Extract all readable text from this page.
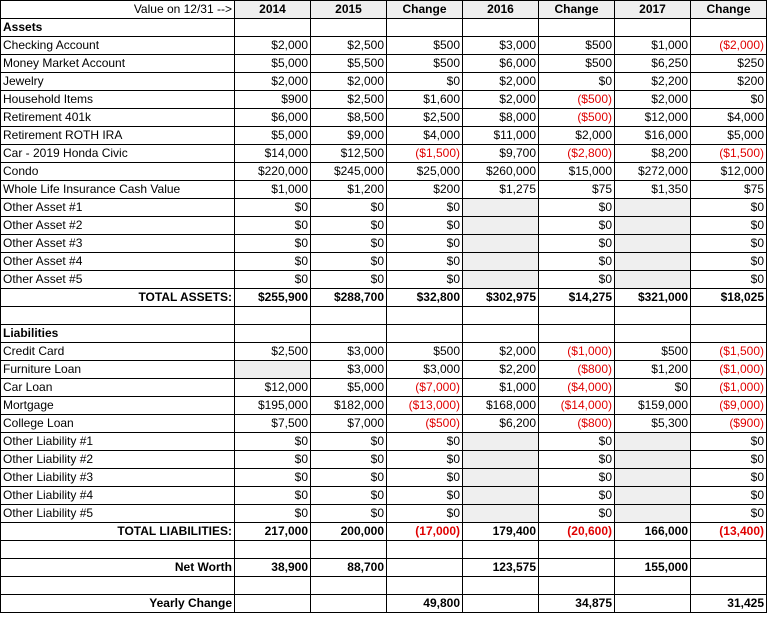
Value on 12/31 -->	2014	2015	Change	2016	Change	2017	Change
Assets							
Checking Account	$2,000	$2,500	$500	$3,000	$500	$1,000	($2,000)
Money Market Account	$5,000	$5,500	$500	$6,000	$500	$6,250	$250
Jewelry	$2,000	$2,000	$0	$2,000	$0	$2,200	$200
Household Items	$900	$2,500	$1,600	$2,000	($500)	$2,000	$0
Retirement 401k	$6,000	$8,500	$2,500	$8,000	($500)	$12,000	$4,000
Retirement ROTH IRA	$5,000	$9,000	$4,000	$11,000	$2,000	$16,000	$5,000
Car - 2019 Honda Civic	$14,000	$12,500	($1,500)	$9,700	($2,800)	$8,200	($1,500)
Condo	$220,000	$245,000	$25,000	$260,000	$15,000	$272,000	$12,000
Whole Life Insurance Cash Value	$1,000	$1,200	$200	$1,275	$75	$1,350	$75
Other Asset #1	$0	$0	$0		$0		$0
Other Asset #2	$0	$0	$0		$0		$0
Other Asset #3	$0	$0	$0		$0		$0
Other Asset #4	$0	$0	$0		$0		$0
Other Asset #5	$0	$0	$0		$0		$0
TOTAL ASSETS:	$255,900	$288,700	$32,800	$302,975	$14,275	$321,000	$18,025

Liabilities							
Credit Card	$2,500	$3,000	$500	$2,000	($1,000)	$500	($1,500)
Furniture Loan		$3,000	$3,000	$2,200	($800)	$1,200	($1,000)
Car Loan	$12,000	$5,000	($7,000)	$1,000	($4,000)	$0	($1,000)
Mortgage	$195,000	$182,000	($13,000)	$168,000	($14,000)	$159,000	($9,000)
College Loan	$7,500	$7,000	($500)	$6,200	($800)	$5,300	($900)
Other Liability #1	$0	$0	$0		$0		$0
Other Liability #2	$0	$0	$0		$0		$0
Other Liability #3	$0	$0	$0		$0		$0
Other Liability #4	$0	$0	$0		$0		$0
Other Liability #5	$0	$0	$0		$0		$0
TOTAL LIABILITIES:	217,000	200,000	(17,000)	179,400	(20,600)	166,000	(13,400)

Net Worth	38,900	88,700		123,575		155,000	

Yearly Change			49,800		34,875		31,425
